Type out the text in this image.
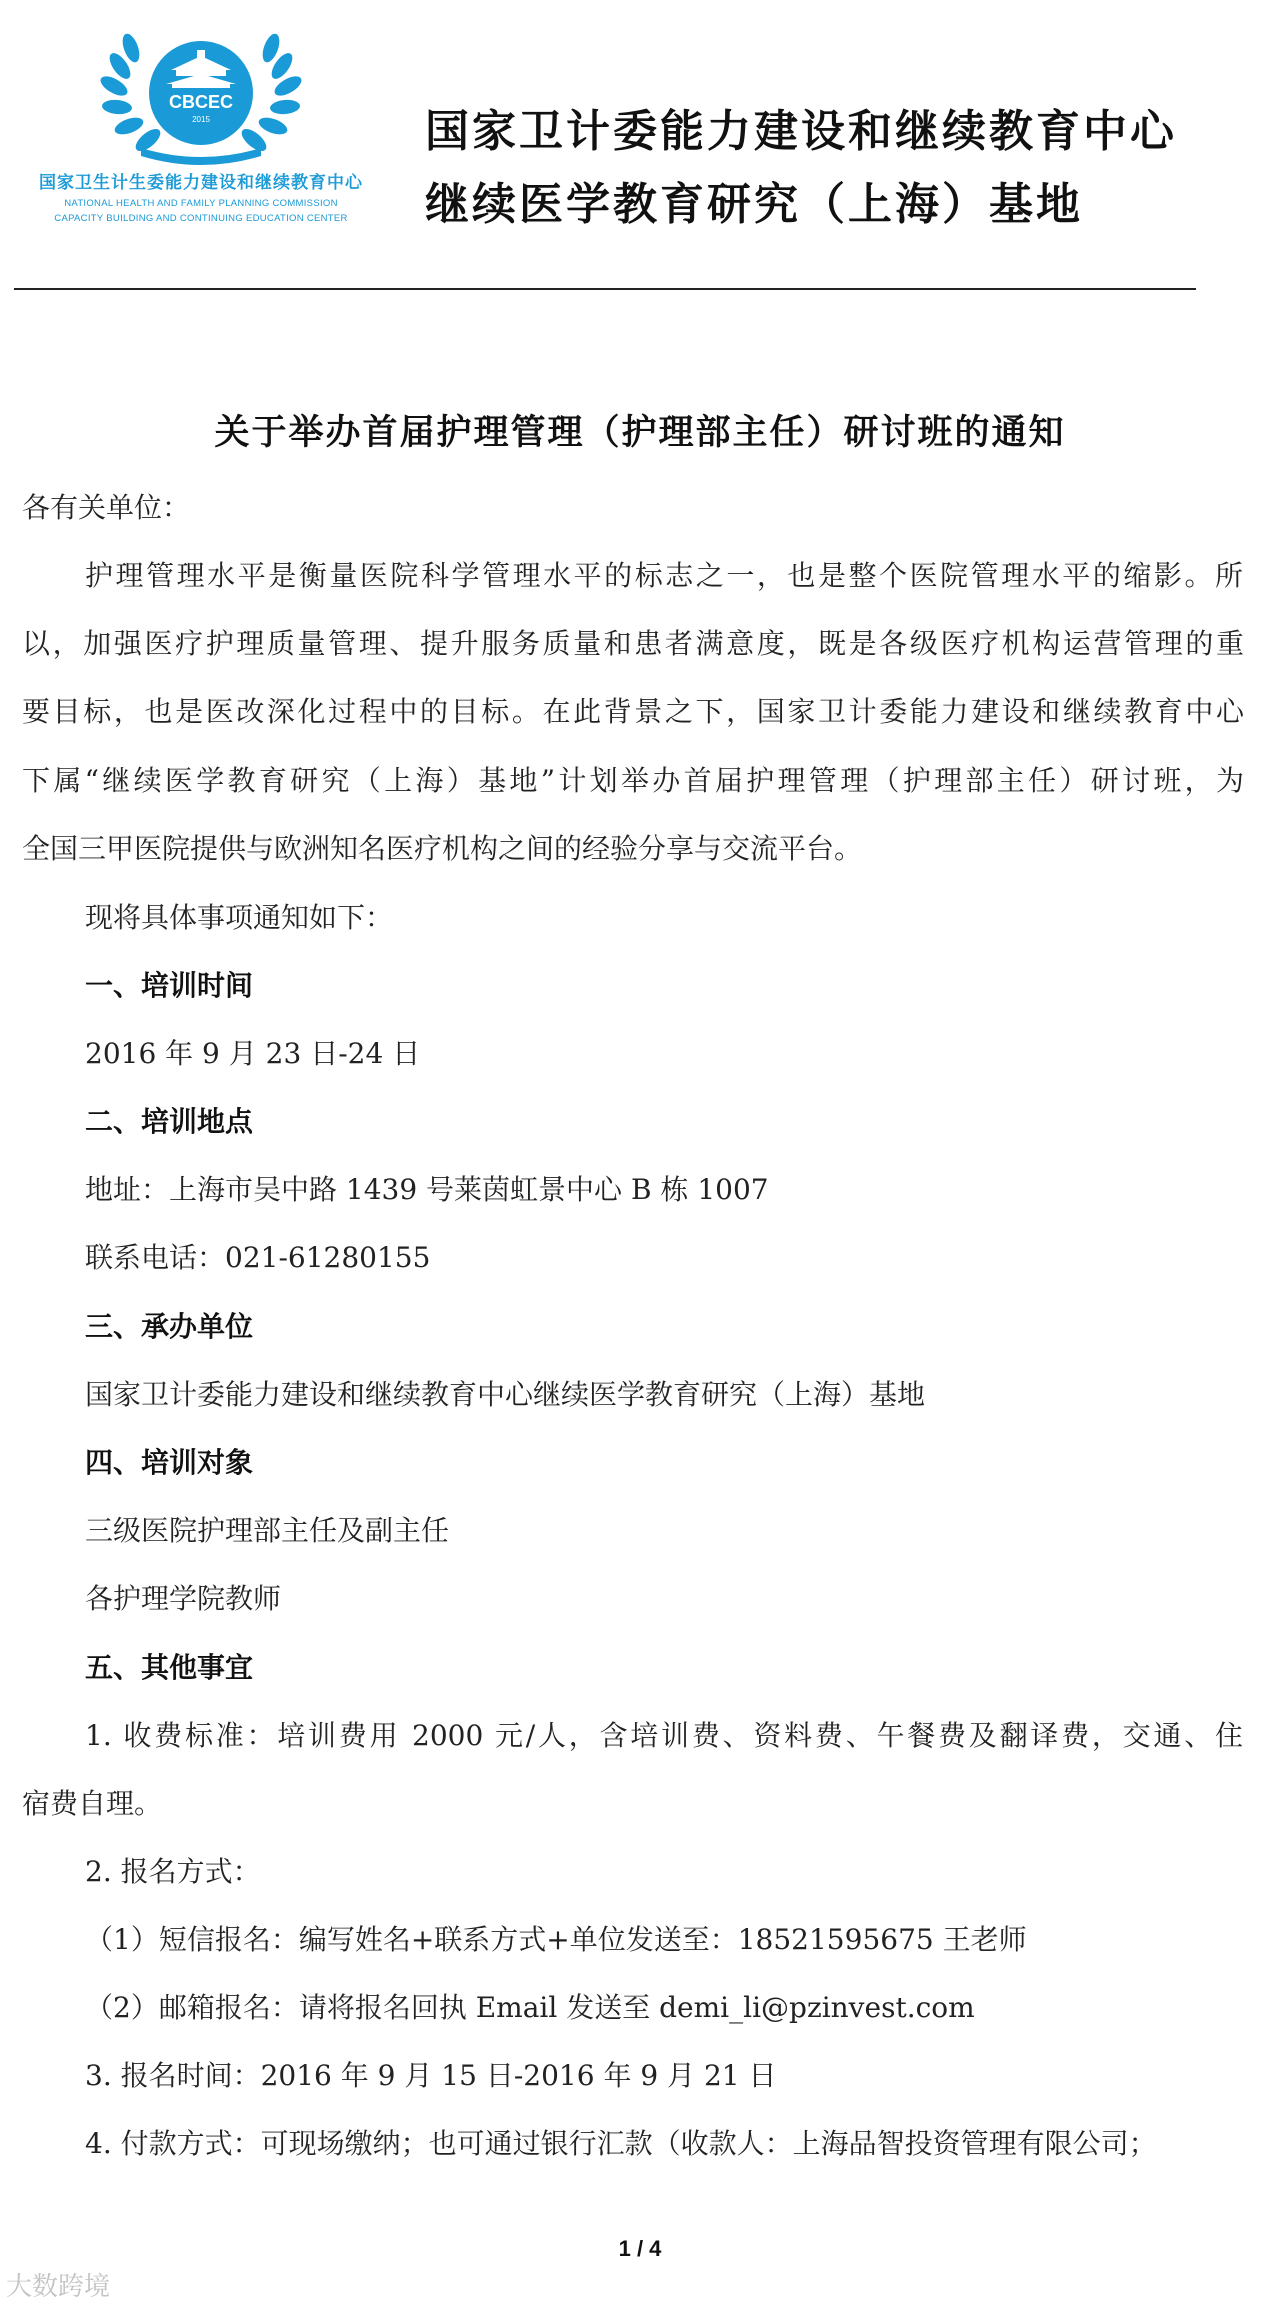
CBCEC
2015
国家卫生计生委能力建设和继续教育中心
NATIONAL HEALTH AND FAMILY PLANNING COMMISSION
CAPACITY BUILDING AND CONTINUING EDUCATION CENTER
国家卫计委能力建设和继续教育中心
继续医学教育研究（上海）基地
关于举办首届护理管理（护理部主任）研讨班的通知
各有关单位：
护理管理水平是衡量医院科学管理水平的标志之一，也是整个医院管理水平的缩影。所
以，加强医疗护理质量管理、提升服务质量和患者满意度，既是各级医疗机构运营管理的重
要目标，也是医改深化过程中的目标。在此背景之下，国家卫计委能力建设和继续教育中心
下属“继续医学教育研究（上海）基地”计划举办首届护理管理（护理部主任）研讨班，为
全国三甲医院提供与欧洲知名医疗机构之间的经验分享与交流平台。
现将具体事项通知如下：
一、培训时间
2016 年 9 月 23 日-24 日
二、培训地点
地址：上海市吴中路 1439 号莱茵虹景中心 B 栋 1007
联系电话：021-61280155
三、承办单位
国家卫计委能力建设和继续教育中心继续医学教育研究（上海）基地
四、培训对象
三级医院护理部主任及副主任
各护理学院教师
五、其他事宜
1. 收费标准：培训费用 2000 元/人，含培训费、资料费、午餐费及翻译费，交通、住
宿费自理。
2. 报名方式：
（1）短信报名：编写姓名+联系方式+单位发送至：18521595675 王老师
（2）邮箱报名：请将报名回执 Email 发送至 demi_li@pzinvest.com
3. 报名时间：2016 年 9 月 15 日-2016 年 9 月 21 日
4. 付款方式：可现场缴纳；也可通过银行汇款（收款人：上海品智投资管理有限公司；
1 / 4
大数跨境
